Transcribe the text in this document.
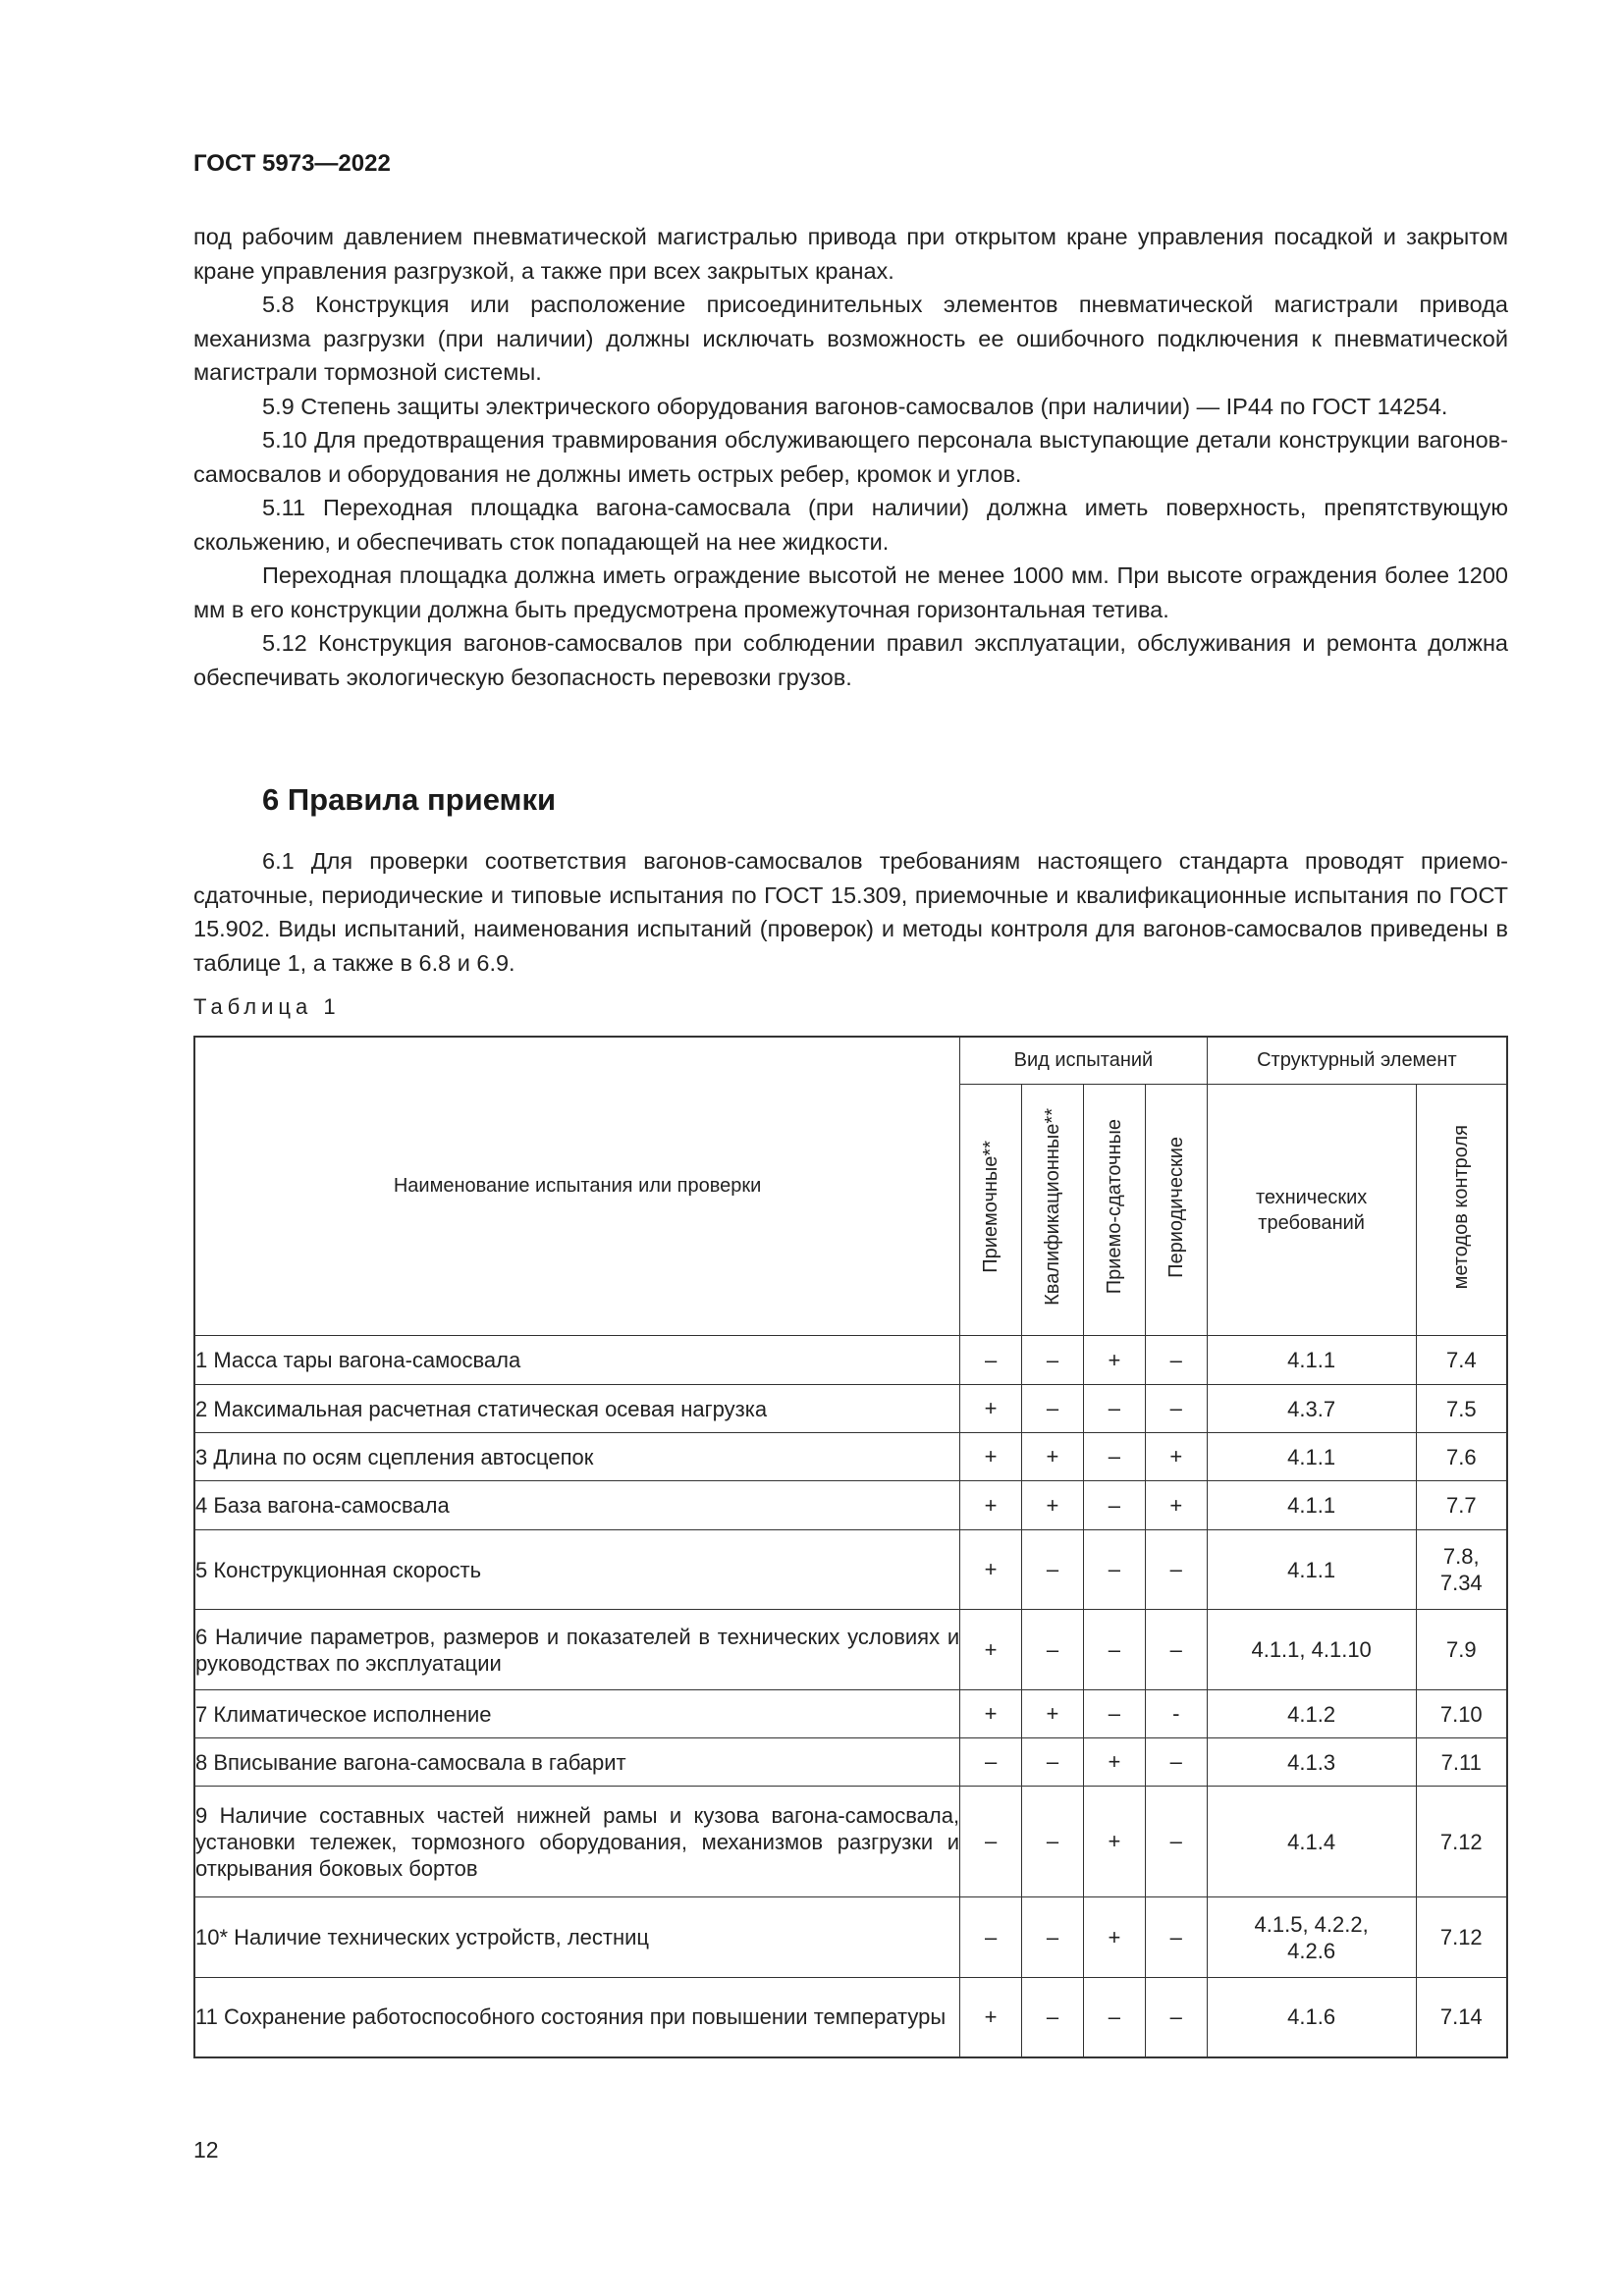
ГОСТ 5973—2022

под рабочим давлением пневматической магистралью привода при открытом кране управления посадкой и закрытом кране управления разгрузкой, а также при всех закрытых кранах.

5.8 Конструкция или расположение присоединительных элементов пневматической магистрали привода механизма разгрузки (при наличии) должны исключать возможность ее ошибочного подключения к пневматической магистрали тормозной системы.

5.9 Степень защиты электрического оборудования вагонов-самосвалов (при наличии) — IP44 по ГОСТ 14254.

5.10 Для предотвращения травмирования обслуживающего персонала выступающие детали конструкции вагонов-самосвалов и оборудования не должны иметь острых ребер, кромок и углов.

5.11 Переходная площадка вагона-самосвала (при наличии) должна иметь поверхность, препятствующую скольжению, и обеспечивать сток попадающей на нее жидкости.

Переходная площадка должна иметь ограждение высотой не менее 1000 мм. При высоте ограждения более 1200 мм в его конструкции должна быть предусмотрена промежуточная горизонтальная тетива.

5.12 Конструкция вагонов-самосвалов при соблюдении правил эксплуатации, обслуживания и ремонта должна обеспечивать экологическую безопасность перевозки грузов.

6 Правила приемки

6.1 Для проверки соответствия вагонов-самосвалов требованиям настоящего стандарта проводят приемо-сдаточные, периодические и типовые испытания по ГОСТ 15.309, приемочные и квалификационные испытания по ГОСТ 15.902. Виды испытаний, наименования испытаний (проверок) и методы контроля для вагонов-самосвалов приведены в таблице 1, а также в 6.8 и 6.9.

Таблица 1
Наименование испытания или проверки	Вид испытаний				Структурный элемент	
	Приемочные**	Квалификационные**	Приемо-сдаточные	Периодические	технических требований	методов контроля
1 Масса тары вагона-самосвала	–	–	+	–	4.1.1	7.4
2 Максимальная расчетная статическая осевая нагрузка	+	–	–	–	4.3.7	7.5
3 Длина по осям сцепления автосцепок	+	+	–	+	4.1.1	7.6
4 База вагона-самосвала	+	+	–	+	4.1.1	7.7
5 Конструкционная скорость	+	–	–	–	4.1.1	7.8, 7.34
6 Наличие параметров, размеров и показателей в технических условиях и руководствах по эксплуатации	+	–	–	–	4.1.1, 4.1.10	7.9
7 Климатическое исполнение	+	+	–	-	4.1.2	7.10
8 Вписывание вагона-самосвала в габарит	–	–	+	–	4.1.3	7.11
9 Наличие составных частей нижней рамы и кузова вагона-самосвала, установки тележек, тормозного оборудования, механизмов разгрузки и открывания боковых бортов	–	–	+	–	4.1.4	7.12
10* Наличие технических устройств, лестниц	–	–	+	–	4.1.5, 4.2.2, 4.2.6	7.12
11 Сохранение работоспособного состояния при повышении температуры	+	–	–	–	4.1.6	7.14
12
